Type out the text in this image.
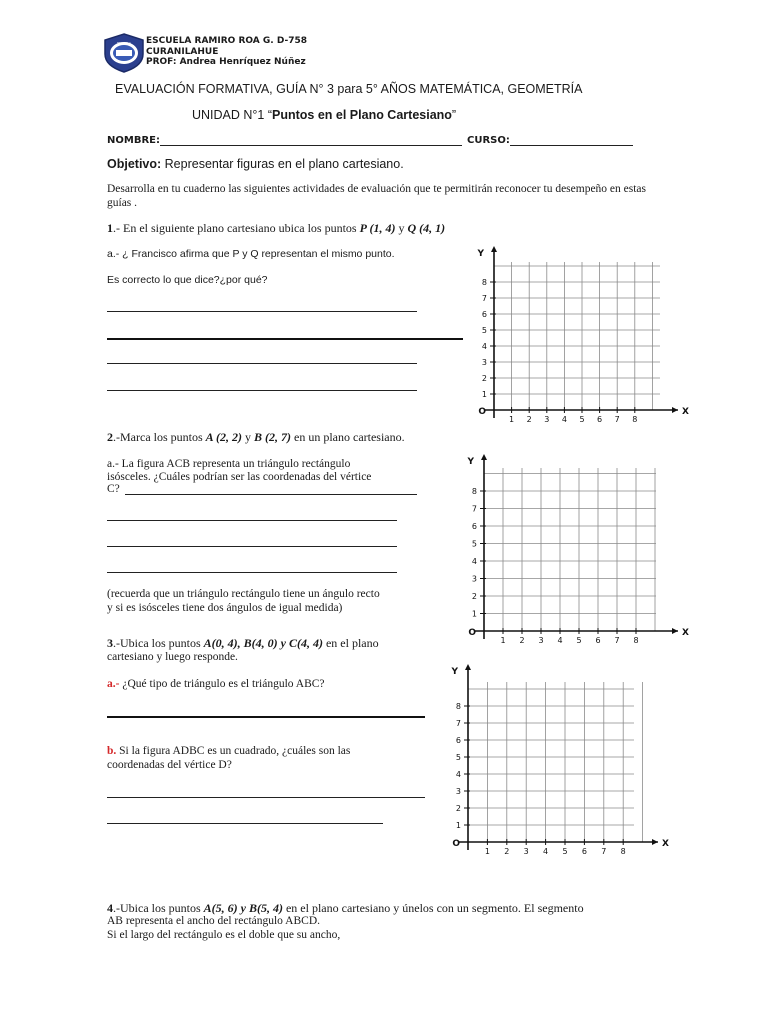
ESCUELA ESCUELA RAMIRO ROA G. D-758
CURANILAHUE
PROF: Andrea Henríquez Núñez
EVALUACIÓN FORMATIVA, GUÍA N° 3 para 5° AÑOS MATEMÁTICA, GEOMETRÍA
UNIDAD N°1 “Puntos en el Plano Cartesiano”
NOMBRE:	CURSO:
Objetivo: Representar figuras en el plano cartesiano.
Desarrolla en tu cuaderno las siguientes actividades de evaluación que te permitirán reconocer tu desempeño en estas guías .
1.- En el siguiente plano cartesiano ubica los puntos P (1, 4) y Q (4, 1)
a.- ¿ Francisco afirma que P y Q representan el mismo punto.
Es correcto lo que dice?¿por qué?
1
1
2
2
3
3
4
4
5
5
6
6
7
7
8
8
O	X
Y
2.-Marca los puntos A (2, 2) y B (2, 7) en un plano cartesiano.
a.- La figura ACB representa un triángulo rectángulo
isósceles. ¿Cuáles podrían ser las coordenadas del vértice
C?
(recuerda que un triángulo rectángulo tiene un ángulo recto
y si es isósceles tiene dos ángulos de igual medida)
1
1
2
2
3
3
4
4
5
5
6
6
7
7
8
8
O	X
Y
3.-Ubica los puntos A(0, 4), B(4, 0) y C(4, 4) en el plano
cartesiano y luego responde.
a.- ¿Qué tipo de triángulo es el triángulo ABC?
b. Si la figura ADBC es un cuadrado, ¿cuáles son las
coordenadas del vértice D?
1
1
2
2
3
3
4
4
5
5
6
6
7
7
8
8
O	X
Y
4.-Ubica los puntos A(5, 6) y B(5, 4) en el plano cartesiano y únelos con un segmento. El segmento
AB representa el ancho del rectángulo ABCD.
Si el largo del rectángulo es el doble que su ancho,
